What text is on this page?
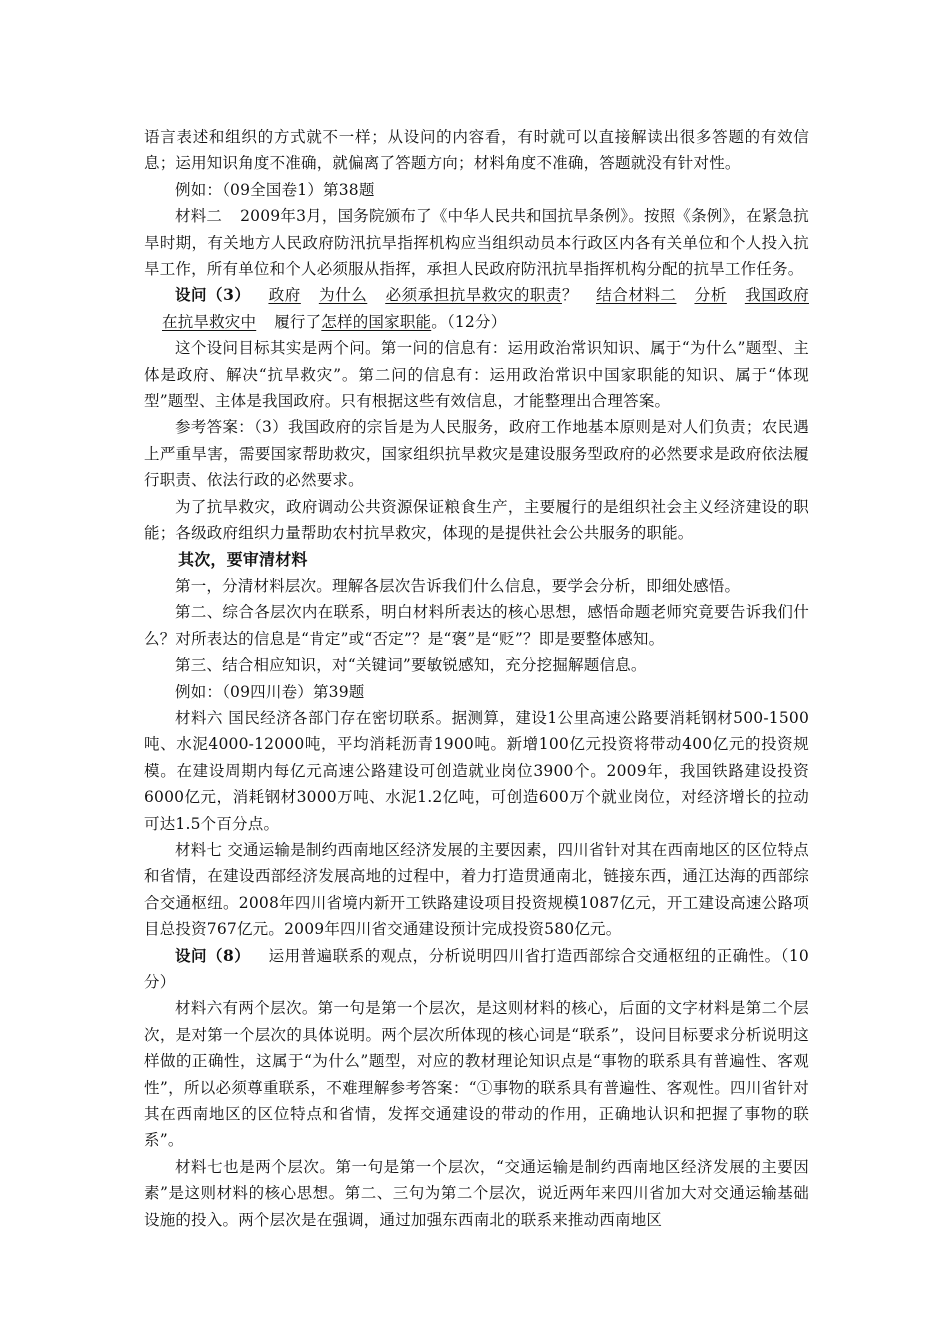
语言表述和组织的方式就不一样；从设问的内容看，有时就可以直接解读出很多答题的有效信息；运用知识角度不准确，就偏离了答题方向；材料角度不准确，答题就没有针对性。

例如：（09全国卷1）第38题

材料二 2009年3月，国务院颁布了《中华人民共和国抗旱条例》。按照《条例》，在紧急抗旱时期，有关地方人民政府防汛抗旱指挥机构应当组织动员本行政区内各有关单位和个人投入抗旱工作，所有单位和个人必须服从指挥，承担人民政府防汛抗旱指挥机构分配的抗旱工作任务。

设问（3） 政府 为什么 必须承担抗旱救灾的职责？ 结合材料二 分析 我国政府在抗旱救灾中 履行了怎样的国家职能。（12分）

这个设问目标其实是两个问。第一问的信息有：运用政治常识知识、属于“为什么”题型、主体是政府、解决“抗旱救灾”。第二问的信息有：运用政治常识中国家职能的知识、属于“体现型”题型、主体是我国政府。只有根据这些有效信息，才能整理出合理答案。

参考答案：（3）我国政府的宗旨是为人民服务，政府工作地基本原则是对人们负责；农民遇上严重旱害，需要国家帮助救灾，国家组织抗旱救灾是建设服务型政府的必然要求是政府依法履行职责、依法行政的必然要求。

为了抗旱救灾，政府调动公共资源保证粮食生产，主要履行的是组织社会主义经济建设的职能；各级政府组织力量帮助农村抗旱救灾，体现的是提供社会公共服务的职能。

其次，要审清材料

第一，分清材料层次。理解各层次告诉我们什么信息，要学会分析，即细处感悟。

第二、综合各层次内在联系，明白材料所表达的核心思想，感悟命题老师究竟要告诉我们什么？对所表达的信息是“肯定”或“否定”？是“褒”是“贬”？即是要整体感知。

第三、结合相应知识，对“关键词”要敏锐感知，充分挖掘解题信息。

例如：（09四川卷）第39题

材料六 国民经济各部门存在密切联系。据测算，建设1公里高速公路要消耗钢材500-1500吨、水泥4000-12000吨，平均消耗沥青1900吨。新增100亿元投资将带动400亿元的投资规模。在建设周期内每亿元高速公路建设可创造就业岗位3900个。2009年，我国铁路建设投资6000亿元，消耗钢材3000万吨、水泥1.2亿吨，可创造600万个就业岗位，对经济增长的拉动可达1.5个百分点。

材料七 交通运输是制约西南地区经济发展的主要因素，四川省针对其在西南地区的区位特点和省情，在建设西部经济发展高地的过程中，着力打造贯通南北，链接东西，通江达海的西部综合交通枢纽。2008年四川省境内新开工铁路建设项目投资规模1087亿元，开工建设高速公路项目总投资767亿元。2009年四川省交通建设预计完成投资580亿元。

设问（8） 运用普遍联系的观点，分析说明四川省打造西部综合交通枢纽的正确性。（10分）

材料六有两个层次。第一句是第一个层次，是这则材料的核心，后面的文字材料是第二个层次，是对第一个层次的具体说明。两个层次所体现的核心词是“联系”，设问目标要求分析说明这样做的正确性，这属于“为什么”题型，对应的教材理论知识点是“事物的联系具有普遍性、客观性”，所以必须尊重联系，不难理解参考答案：“①事物的联系具有普遍性、客观性。四川省针对其在西南地区的区位特点和省情，发挥交通建设的带动的作用，正确地认识和把握了事物的联系”。

材料七也是两个层次。第一句是第一个层次，“交通运输是制约西南地区经济发展的主要因素”是这则材料的核心思想。第二、三句为第二个层次，说近两年来四川省加大对交通运输基础设施的投入。两个层次是在强调，通过加强东西南北的联系来推动西南地区
